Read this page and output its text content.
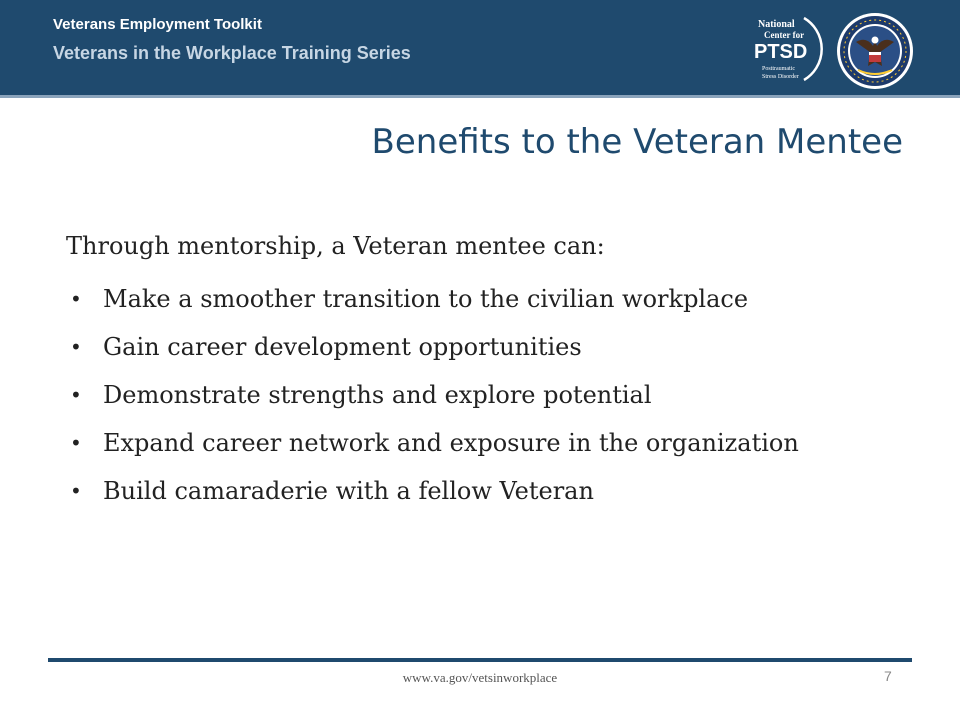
Veterans Employment Toolkit
Veterans in the Workplace Training Series
National
Center for
PTSD
Posttraumatic
Stress Disorder
Benefits to the Veteran Mentee
Through mentorship, a Veteran mentee can:
• Make a smoother transition to the civilian workplace
• Gain career development opportunities
• Demonstrate strengths and explore potential
• Expand career network and exposure in the organization
• Build camaraderie with a fellow Veteran
www.va.gov/vetsinworkplace	7
